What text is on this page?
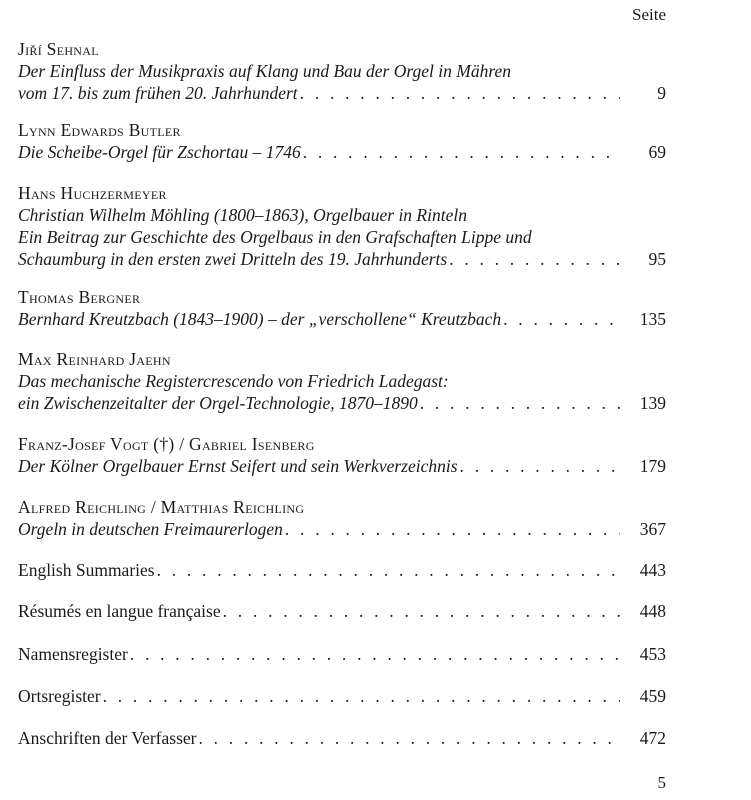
Seite
Jiří Sehnal
Der Einfluss der Musikpraxis auf Klang und Bau der Orgel in Mähren
vom 17. bis zum frühen 20. Jahrhundert . . .	9
Lynn Edwards Butler
Die Scheibe-Orgel für Zschortau – 1746 . . .	69
Hans Huchzermeyer
Christian Wilhelm Möhling (1800–1863), Orgelbauer in Rinteln
Ein Beitrag zur Geschichte des Orgelbaus in den Grafschaften Lippe und
Schaumburg in den ersten zwei Dritteln des 19. Jahrhunderts . . .	95
Thomas Bergner
Bernhard Kreutzbach (1843–1900) – der „verschollene“ Kreutzbach . . .	135
Max Reinhard Jaehn
Das mechanische Registercrescendo von Friedrich Ladegast:
ein Zwischenzeitalter der Orgel-Technologie, 1870–1890 . . .	139
Franz-Josef Vogt (†) / Gabriel Isenberg
Der Kölner Orgelbauer Ernst Seifert und sein Werkverzeichnis . . .	179
Alfred Reichling / Matthias Reichling
Orgeln in deutschen Freimaurerlogen . . .	367
English Summaries . . .	443
Résumés en langue française . . .	448
Namensregister . . .	453
Ortsregister . . .	459
Anschriften der Verfasser . . .	472
5
